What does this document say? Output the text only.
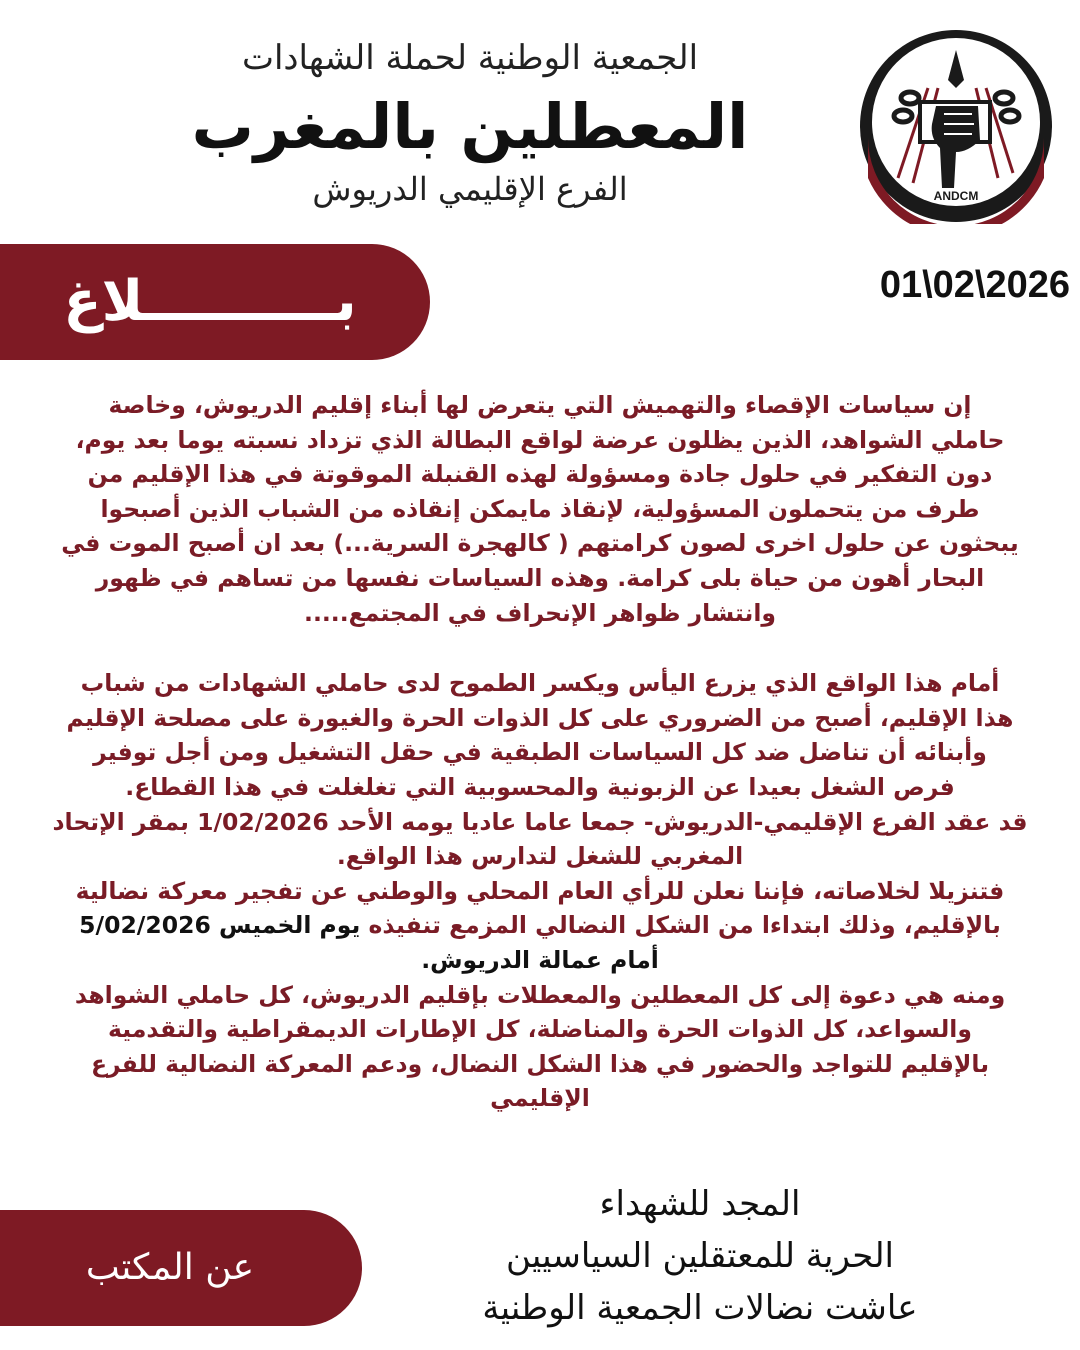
الجمعية الوطنية لحملة الشهادات
المعطلين بالمغرب
الفرع الإقليمي الدريوش	ANDCM
بــــــــــلاغ	01\02\2026

إن سياسات الإقصاء والتهميش التي يتعرض لها أبناء إقليم الدريوش، وخاصة

حاملي الشواهد، الذين يظلون عرضة لواقع البطالة الذي تزداد نسبته يوما بعد يوم،

دون التفكير في حلول جادة ومسؤولة لهذه القنبلة الموقوتة في هذا الإقليم من

طرف من يتحملون المسؤولية، لإنقاذ مايمكن إنقاذه من الشباب الذين أصبحوا

يبحثون عن حلول اخرى لصون كرامتهم ( كالهجرة السرية...) بعد ان أصبح الموت في

البحار أهون من حياة بلى كرامة. وهذه السياسات نفسها من تساهم في ظهور

وانتشار ظواهر الإنحراف في المجتمع.....

أمام هذا الواقع الذي يزرع اليأس ويكسر الطموح لدى حاملي الشهادات من شباب

هذا الإقليم، أصبح من الضروري على كل الذوات الحرة والغيورة على مصلحة الإقليم

وأبنائه أن تناضل ضد كل السياسات الطبقية في حقل التشغيل ومن أجل توفير

فرص الشغل بعيدا عن الزبونية والمحسوبية التي تغلغلت في هذا القطاع.

قد عقد الفرع الإقليمي-الدريوش- جمعا عاما عاديا يومه الأحد 1/02/2026 بمقر الإتحاد

المغربي للشغل لتدارس هذا الواقع.

فتنزيلا لخلاصاته، فإننا نعلن للرأي العام المحلي والوطني عن تفجير معركة نضالية

بالإقليم، وذلك ابتداءا من الشكل النضالي المزمع تنفيذه يوم الخميس 5/02/2026

أمام عمالة الدريوش.

ومنه هي دعوة إلى كل المعطلين والمعطلات بإقليم الدريوش، كل حاملي الشواهد

والسواعد، كل الذوات الحرة والمناضلة، كل الإطارات الديمقراطية والتقدمية

بالإقليم للتواجد والحضور في هذا الشكل النضال، ودعم المعركة النضالية للفرع

الإقليمي

المجد للشهداء
الحرية للمعتقلين السياسيين
عاشت نضالات الجمعية الوطنية
عن المكتب
